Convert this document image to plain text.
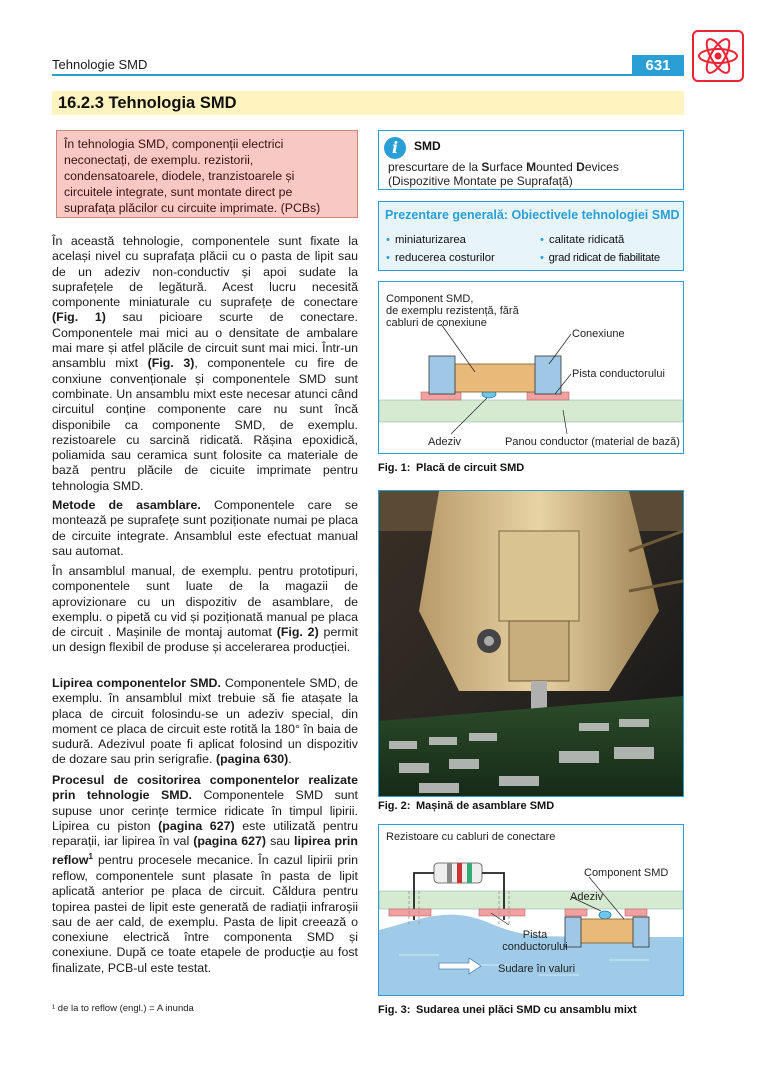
Tehnologie SMD	631
16.2.3 Tehnologia SMD
În tehnologia SMD, componenții electrici
neconectați, de exemplu. rezistorii,
condensatoarele, diodele, tranzistoarele și
circuitele integrate, sunt montate direct pe
suprafața plăcilor cu circuite imprimate. (PCBs)
În această tehnologie, componentele sunt fixate la același nivel cu suprafața plăcii cu o pasta de lipit sau de un adeziv non-conductiv și apoi sudate la suprafețele de legătură. Acest lucru necesită componente miniaturale cu suprafețe de conectare (Fig. 1) sau picioare scurte de conectare. Componentele mai mici au o densitate de ambalare mai mare și atfel plăcile de circuit sunt mai mici. Într-un ansamblu mixt (Fig. 3), componentele cu fire de conxiune convenționale și componentele SMD sunt combinate. Un ansamblu mixt este necesar atunci când circuitul conține componente care nu sunt încă disponibile ca componente SMD, de exemplu. rezistoarele cu sarcină ridicată. Rășina epoxidică, poliamida sau ceramica sunt folosite ca materiale de bază pentru plăcile de cicuite imprimate pentru tehnologia SMD.
Metode de asamblare. Componentele care se montează pe suprafețe sunt poziționate numai pe placa de circuite integrate. Ansamblul este efectuat manual sau automat.
În ansamblul manual, de exemplu. pentru prototipuri, componentele sunt luate de la magazii de aprovizionare cu un dispozitiv de asamblare, de exemplu. o pipetă cu vid și poziționată manual pe placa de circuit . Mașinile de montaj automat (Fig. 2) permit un design flexibil de produse și accelerarea producției.
Lipirea componentelor SMD. Componentele SMD, de exemplu. în ansamblul mixt trebuie să fie atașate la placa de circuit folosindu-se un adeziv special, din moment ce placa de circuit este rotită la 180° în baia de sudură. Adezivul poate fi aplicat folosind un dispozitiv de dozare sau prin serigrafie. (pagina 630).
Procesul de cositorirea componentelor realizate prin tehnologie SMD. Componentele SMD sunt supuse unor cerințe termice ridicate în timpul lipirii. Lipirea cu piston (pagina 627) este utilizată pentru reparații, iar lipirea în val (pagina 627) sau lipirea prin reflow$^1$ pentru procesele mecanice. În cazul lipirii prin reflow, componentele sunt plasate în pasta de lipit aplicată anterior pe placa de circuit. Căldura pentru topirea pastei de lipit este generată de radiații infraroșii sau de aer cald, de exemplu. Pasta de lipit creează o conexiune electrică între componenta SMD și conexiune. După ce toate etapele de producție au fost finalizate, PCB-ul este testat.
¹ de la to reflow (engl.) = A inunda
i	SMD
prescurtare de la Surface Mounted Devices
(Dispozitive Montate pe Suprafață)
Prezentare generală: Obiectivele tehnologiei SMD
• miniaturizarea	• calitate ridicată
• reducerea costurilor	• grad ridicat de fiabilitate
Component SMD,
de exemplu rezistență, fără
cabluri de conexiune
Conexiune
Pista conductorului
Adeziv	Panou conductor (material de bază)
Fig. 1: Placă de circuit SMD
Fig. 2: Mașină de asamblare SMD
Rezistoare cu cabluri de conectare
Component SMD
Adeziv
Pista
conductorului
Sudare în valuri
Fig. 3: Sudarea unei plăci SMD cu ansamblu mixt
